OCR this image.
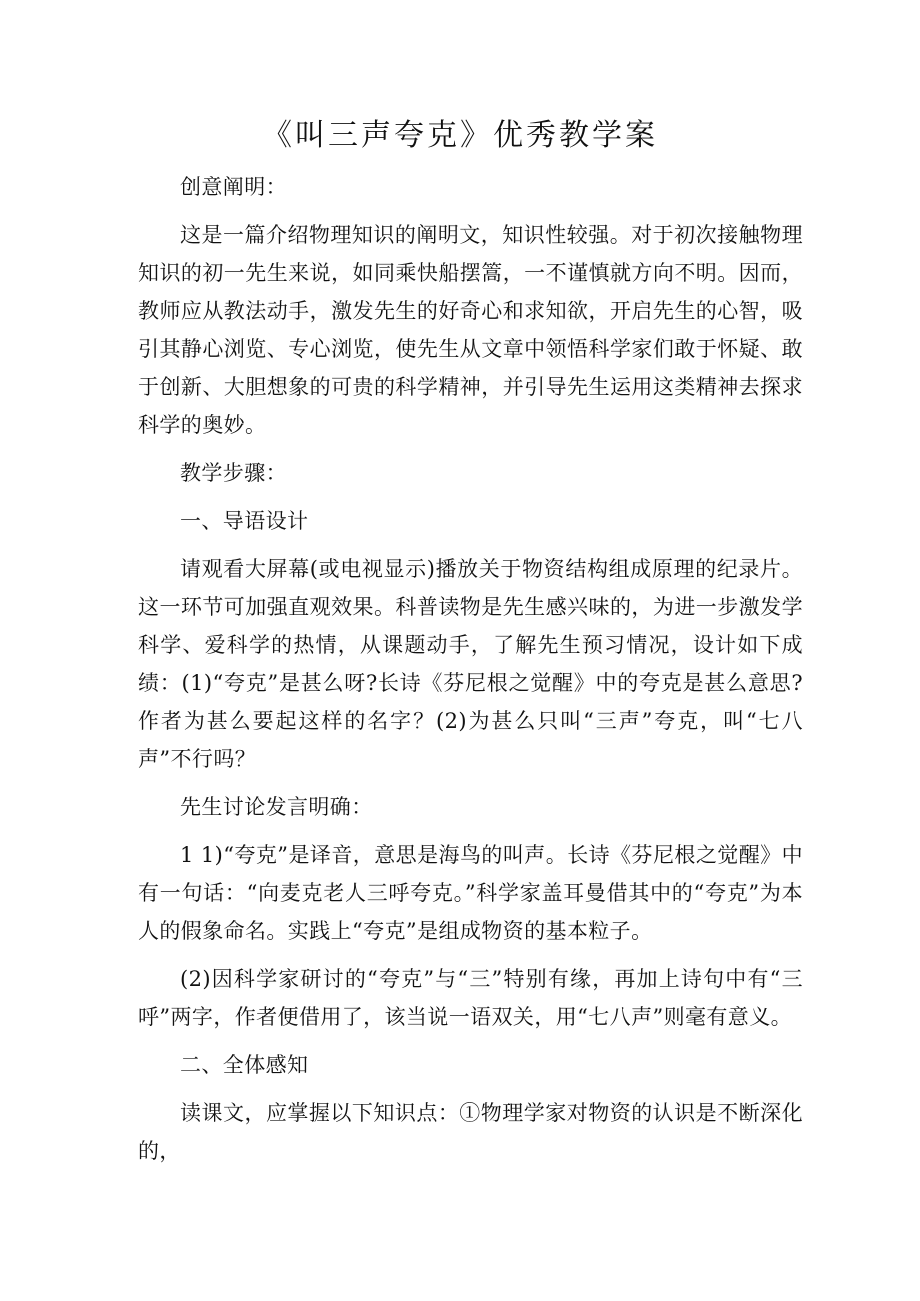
《叫三声夸克》优秀教学案

创意阐明：

这是一篇介绍物理知识的阐明文，知识性较强。对于初次接触物理知识的初一先生来说，如同乘快船摆篙，一不谨慎就方向不明。因而，教师应从教法动手，激发先生的好奇心和求知欲，开启先生的心智，吸引其静心浏览、专心浏览，使先生从文章中领悟科学家们敢于怀疑、敢于创新、大胆想象的可贵的科学精神，并引导先生运用这类精神去探求科学的奥妙。

教学步骤：

一、导语设计

请观看大屏幕(或电视显示)播放关于物资结构组成原理的纪录片。这一环节可加强直观效果。科普读物是先生感兴味的，为进一步激发学科学、爱科学的热情，从课题动手，了解先生预习情况，设计如下成绩：(1)“夸克”是甚么呀?长诗《芬尼根之觉醒》中的夸克是甚么意思?作者为甚么要起这样的名字？(2)为甚么只叫“三声”夸克，叫“七八声”不行吗？

先生讨论发言明确：

1 1)“夸克”是译音，意思是海鸟的叫声。长诗《芬尼根之觉醒》中有一句话：“向麦克老人三呼夸克。”科学家盖耳曼借其中的“夸克”为本人的假象命名。实践上“夸克”是组成物资的基本粒子。

(2)因科学家研讨的“夸克”与“三”特别有缘，再加上诗句中有“三呼”两字，作者便借用了，该当说一语双关，用“七八声”则毫有意义。

二、全体感知

读课文，应掌握以下知识点：①物理学家对物资的认识是不断深化的，
